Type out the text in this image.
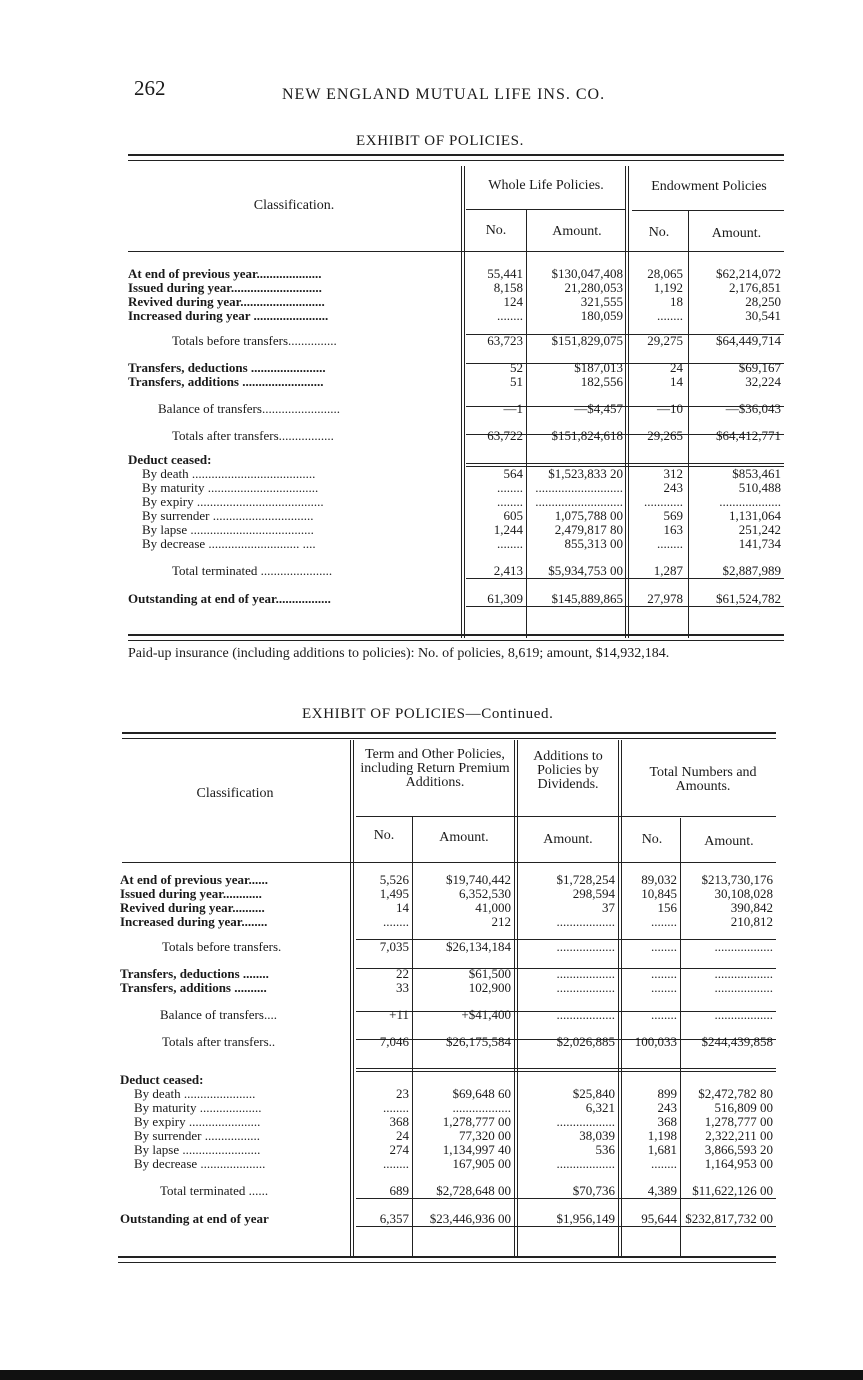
262	NEW ENGLAND MUTUAL LIFE INS. CO.
EXHIBIT OF POLICIES.
Classification.
Whole Life Policies.	Endowment Policies
No.	Amount.	No.	Amount.
At end of previous year....................	55,441	$130,047,408	28,065	$62,214,072
Issued during year............................	8,158	21,280,053	1,192	2,176,851
Revived during year..........................	124	321,555	18	28,250
Increased during year .......................	........	180,059	........	30,541

Totals before transfers...............	63,723	$151,829,075	29,275	$64,449,714

Transfers, deductions .......................	52	$187,013	24	$69,167
Transfers, additions .........................	51	182,556	14	32,224

Balance of transfers........................	—1	—$4,457	—10	—$36,043

Totals after transfers.................	63,722	$151,824,618	29,265	$64,412,771

Deduct ceased:				
By death ......................................	564	$1,523,833 20	312	$853,461
By maturity ..................................	........	...........................	243	510,488
By expiry .......................................	........	...........................	............	...................
By surrender ...............................	605	1,075,788 00	569	1,131,064
By lapse ......................................	1,244	2,479,817 80	163	251,242
By decrease ............................ ....	........	855,313 00	........	141,734

Total terminated ......................	2,413	$5,934,753 00	1,287	$2,887,989

Outstanding at end of year.................	61,309	$145,889,865	27,978	$61,524,782
Paid-up insurance (including additions to policies): No. of policies, 8,619; amount, $14,932,184.
EXHIBIT OF POLICIES—Continued.
Classification
Term and Other Policies, including Return Premium Additions.
Additions to Policies by Dividends.
Total Numbers and Amounts.
No.	Amount.	Amount.	No.	Amount.
At end of previous year......	5,526	$19,740,442	$1,728,254	89,032	$213,730,176
Issued during year............	1,495	6,352,530	298,594	10,845	30,108,028
Revived during year..........	14	41,000	37	156	390,842
Increased during year........	........	212	..................	........	210,812

Totals before transfers.	7,035	$26,134,184	..................	........	..................

Transfers, deductions ........	22	$61,500	..................	........	..................
Transfers, additions ..........	33	102,900	..................	........	..................

Balance of transfers....	+11	+$41,400	..................	........	..................

Totals after transfers..	7,046	$26,175,584	$2,026,885	100,033	$244,439,858

Deduct ceased:					
By death ......................	23	$69,648 60	$25,840	899	$2,472,782 80
By maturity ...................	........	..................	6,321	243	516,809 00
By expiry ......................	368	1,278,777 00	..................	368	1,278,777 00
By surrender .................	24	77,320 00	38,039	1,198	2,322,211 00
By lapse ........................	274	1,134,997 40	536	1,681	3,866,593 20
By decrease ....................	........	167,905 00	..................	........	1,164,953 00

Total terminated ......	689	$2,728,648 00	$70,736	4,389	$11,622,126 00

Outstanding at end of year	6,357	$23,446,936 00	$1,956,149	95,644	$232,817,732 00
